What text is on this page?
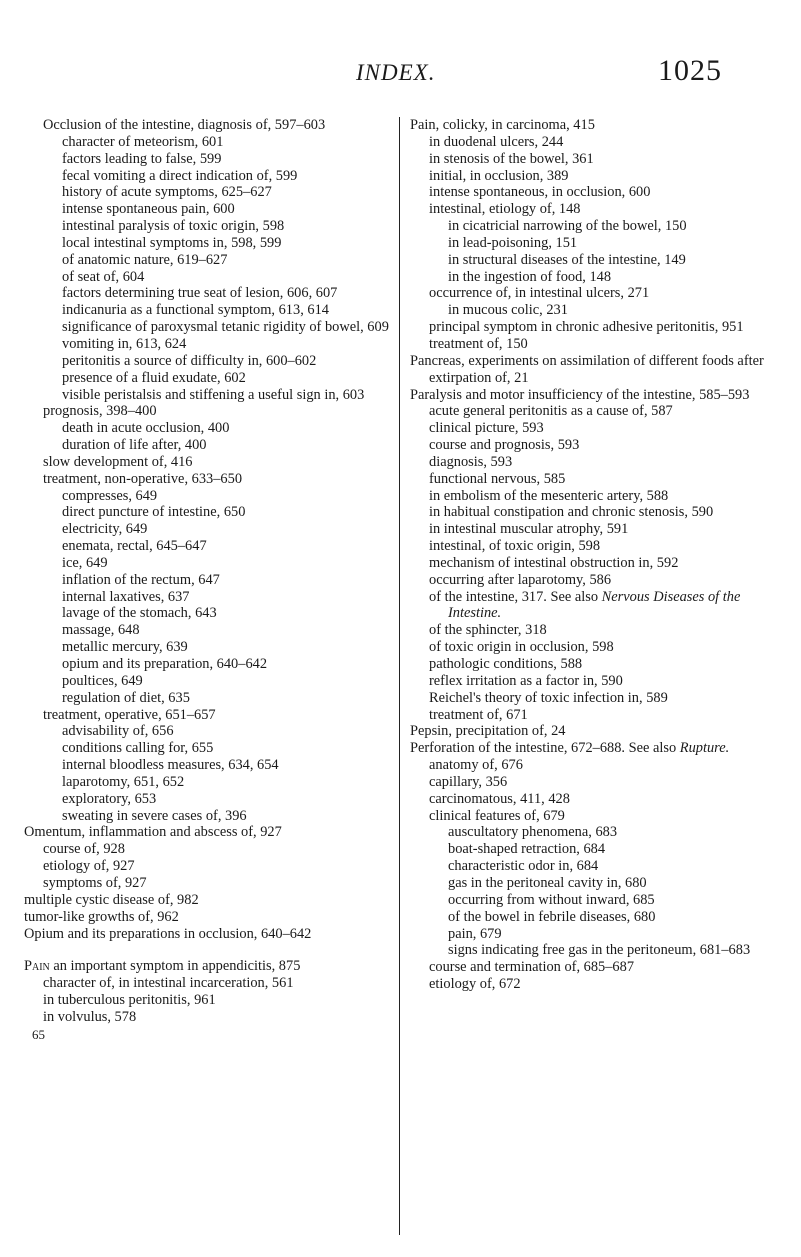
INDEX.	1025
Occlusion of the intestine, diagnosis of, 597–603
character of meteorism, 601
factors leading to false, 599
fecal vomiting a direct indication of, 599
history of acute symptoms, 625–627
intense spontaneous pain, 600
intestinal paralysis of toxic origin, 598
local intestinal symptoms in, 598, 599
of anatomic nature, 619–627
of seat of, 604
factors determining true seat of lesion, 606, 607
indicanuria as a functional symptom, 613, 614
significance of paroxysmal tetanic rigidity of bowel, 609
vomiting in, 613, 624
peritonitis a source of difficulty in, 600–602
presence of a fluid exudate, 602
visible peristalsis and stiffening a useful sign in, 603
prognosis, 398–400
death in acute occlusion, 400
duration of life after, 400
slow development of, 416
treatment, non-operative, 633–650
compresses, 649
direct puncture of intestine, 650
electricity, 649
enemata, rectal, 645–647
ice, 649
inflation of the rectum, 647
internal laxatives, 637
lavage of the stomach, 643
massage, 648
metallic mercury, 639
opium and its preparation, 640–642
poultices, 649
regulation of diet, 635
treatment, operative, 651–657
advisability of, 656
conditions calling for, 655
internal bloodless measures, 634, 654
laparotomy, 651, 652
exploratory, 653
sweating in severe cases of, 396
Omentum, inflammation and abscess of, 927
course of, 928
etiology of, 927
symptoms of, 927
multiple cystic disease of, 982
tumor-like growths of, 962
Opium and its preparations in occlusion, 640–642
Pain an important symptom in appendicitis, 875
character of, in intestinal incarceration, 561
in tuberculous peritonitis, 961
in volvulus, 578
65
Pain, colicky, in carcinoma, 415
in duodenal ulcers, 244
in stenosis of the bowel, 361
initial, in occlusion, 389
intense spontaneous, in occlusion, 600
intestinal, etiology of, 148
in cicatricial narrowing of the bowel, 150
in lead-poisoning, 151
in structural diseases of the intestine, 149
in the ingestion of food, 148
occurrence of, in intestinal ulcers, 271
in mucous colic, 231
principal symptom in chronic adhesive peritonitis, 951
treatment of, 150
Pancreas, experiments on assimilation of different foods after extirpation of, 21
Paralysis and motor insufficiency of the intestine, 585–593
acute general peritonitis as a cause of, 587
clinical picture, 593
course and prognosis, 593
diagnosis, 593
functional nervous, 585
in embolism of the mesenteric artery, 588
in habitual constipation and chronic stenosis, 590
in intestinal muscular atrophy, 591
intestinal, of toxic origin, 598
mechanism of intestinal obstruction in, 592
occurring after laparotomy, 586
of the intestine, 317. See also Nervous Diseases of the Intestine.
of the sphincter, 318
of toxic origin in occlusion, 598
pathologic conditions, 588
reflex irritation as a factor in, 590
Reichel's theory of toxic infection in, 589
treatment of, 671
Pepsin, precipitation of, 24
Perforation of the intestine, 672–688. See also Rupture.
anatomy of, 676
capillary, 356
carcinomatous, 411, 428
clinical features of, 679
auscultatory phenomena, 683
boat-shaped retraction, 684
characteristic odor in, 684
gas in the peritoneal cavity in, 680
occurring from without inward, 685
of the bowel in febrile diseases, 680
pain, 679
signs indicating free gas in the peritoneum, 681–683
course and termination of, 685–687
etiology of, 672
